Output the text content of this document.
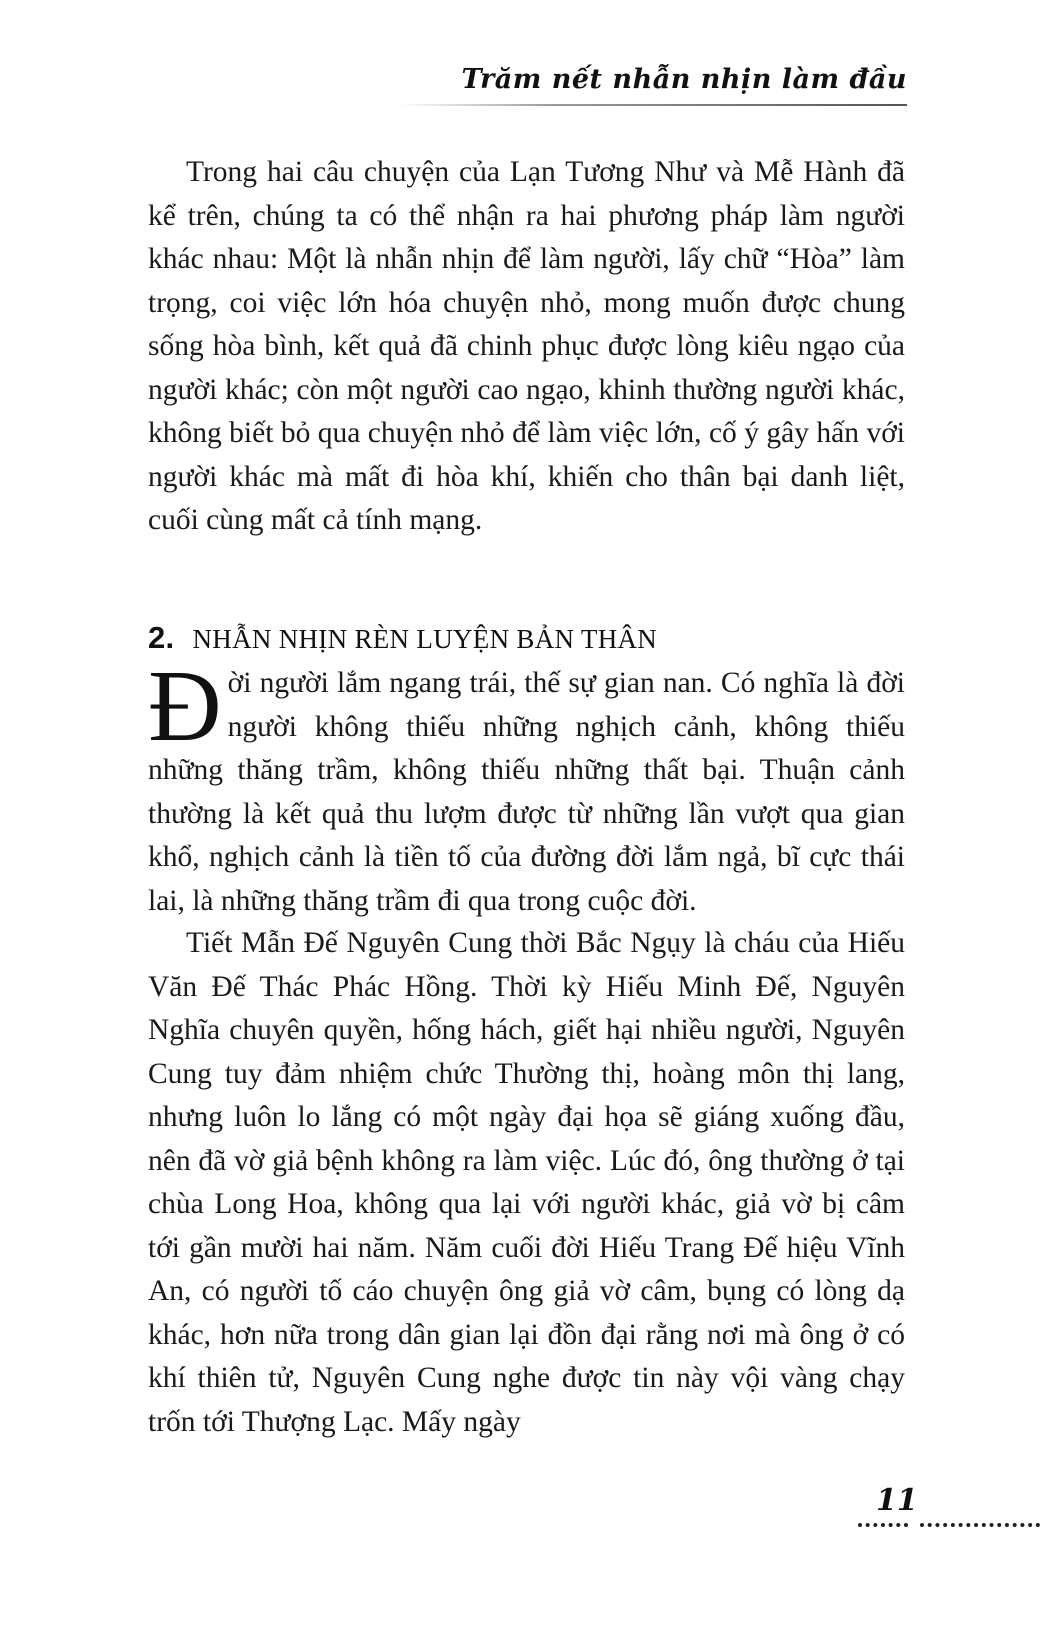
Trăm nết nhẫn nhịn làm đầu

Trong hai câu chuyện của Lạn Tương Như và Mễ Hành đã kể trên, chúng ta có thể nhận ra hai phương pháp làm người khác nhau: Một là nhẫn nhịn để làm người, lấy chữ “Hòa” làm trọng, coi việc lớn hóa chuyện nhỏ, mong muốn được chung sống hòa bình, kết quả đã chinh phục được lòng kiêu ngạo của người khác; còn một người cao ngạo, khinh thường người khác, không biết bỏ qua chuyện nhỏ để làm việc lớn, cố ý gây hấn với người khác mà mất đi hòa khí, khiến cho thân bại danh liệt, cuối cùng mất cả tính mạng.

2. NHẪN NHỊN RÈN LUYỆN BẢN THÂN

Đời người lắm ngang trái, thế sự gian nan. Có nghĩa là đời người không thiếu những nghịch cảnh, không thiếu những thăng trầm, không thiếu những thất bại. Thuận cảnh thường là kết quả thu lượm được từ những lần vượt qua gian khổ, nghịch cảnh là tiền tố của đường đời lắm ngả, bĩ cực thái lai, là những thăng trầm đi qua trong cuộc đời.

Tiết Mẫn Đế Nguyên Cung thời Bắc Ngụy là cháu của Hiếu Văn Đế Thác Phác Hồng. Thời kỳ Hiếu Minh Đế, Nguyên Nghĩa chuyên quyền, hống hách, giết hại nhiều người, Nguyên Cung tuy đảm nhiệm chức Thường thị, hoàng môn thị lang, nhưng luôn lo lắng có một ngày đại họa sẽ giáng xuống đầu, nên đã vờ giả bệnh không ra làm việc. Lúc đó, ông thường ở tại chùa Long Hoa, không qua lại với người khác, giả vờ bị câm tới gần mười hai năm. Năm cuối đời Hiếu Trang Đế hiệu Vĩnh An, có người tố cáo chuyện ông giả vờ câm, bụng có lòng dạ khác, hơn nữa trong dân gian lại đồn đại rằng nơi mà ông ở có khí thiên tử, Nguyên Cung nghe được tin này vội vàng chạy trốn tới Thượng Lạc. Mấy ngày

11
